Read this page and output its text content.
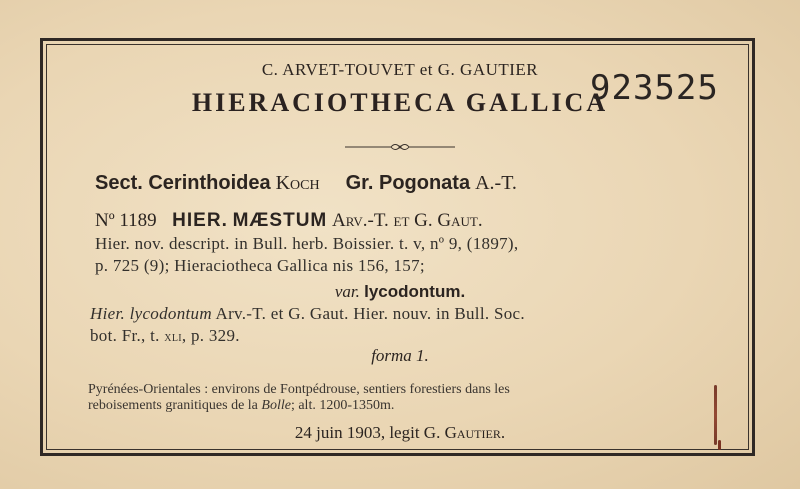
C. ARVET-TOUVET et G. GAUTIER
HIERACIOTHECA GALLICA
923525
Sect. Cerinthoidea Koch Gr. Pogonata A.-T.
Nº 1189 HIER. MÆSTUM Arv.-T. et G. Gaut.
Hier. nov. descript. in Bull. herb. Boissier. t. v, nº 9, (1897),
p. 725 (9); Hieraciotheca Gallica nis 156, 157;
var. lycodontum.
Hier. lycodontum Arv.-T. et G. Gaut. Hier. nouv. in Bull. Soc.
bot. Fr., t. xli, p. 329.
forma 1.
Pyrénées-Orientales : environs de Fontpédrouse, sentiers forestiers dans les
reboisements granitiques de la Bolle; alt. 1200-1350m.
24 juin 1903, legit G. Gautier.
